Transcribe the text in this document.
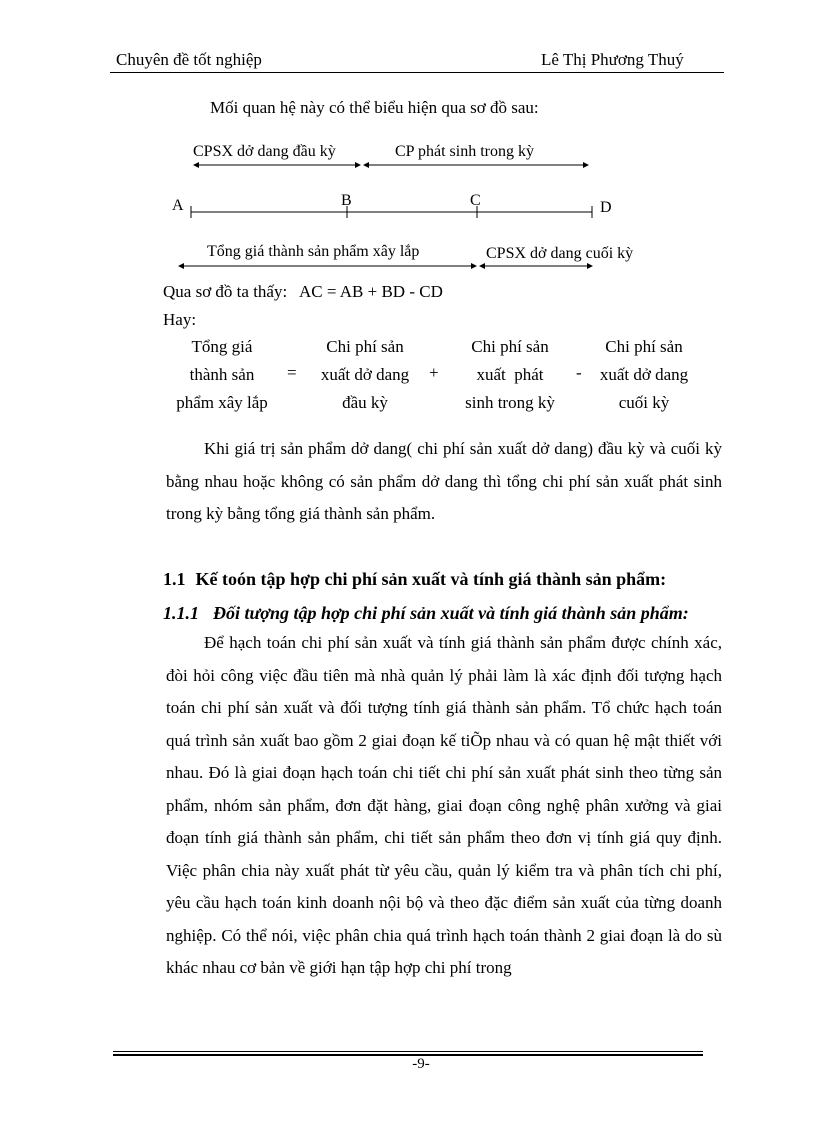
Chuyên đề tốt nghiệp	Lê Thị Phương Thuý
Mối quan hệ này có thể biểu hiện qua sơ đồ sau:
CPSX dở dang đầu kỳ	CP phát sinh trong kỳ
A	B	C	D
Tổng giá thành sản phẩm xây lắp	CPSX dở dang cuối kỳ
Qua sơ đồ ta thấy:   AC = AB + BD - CD
Hay:
Tổng giá
thành sản
phẩm xây lắp
=
Chi phí sản
xuất dở dang
đầu kỳ
+
Chi phí sản
xuất  phát
sinh trong kỳ
-
Chi phí sản
xuất dở dang
cuối kỳ
Khi giá trị sản phẩm dở dang( chi phí sản xuất dở dang) đầu kỳ và cuối kỳ bằng nhau hoặc không có sản phẩm dở dang thì tổng chi phí sản xuất phát sinh trong kỳ bằng tổng giá thành sản phẩm.
1.1 Kế toón tập hợp chi phí sản xuất và tính giá thành sản phẩm:
1.1.1 Đối tượng tập hợp chi phí sản xuất và tính giá thành sản phẩm:
Để hạch toán chi phí sản xuất và tính giá thành sản phẩm được chính xác, đòi hỏi công việc đầu tiên mà nhà quản lý phải làm là xác định đối tượng hạch toán chi phí sản xuất và đối tượng tính giá thành sản phẩm. Tổ chức hạch toán quá trình sản xuất bao gồm 2 giai đoạn kế tiÕp nhau và có quan hệ mật thiết với nhau. Đó là giai đoạn hạch toán chi tiết chi phí sản xuất phát sinh theo từng sản phẩm, nhóm sản phẩm, đơn đặt hàng, giai đoạn công nghệ phân xưởng và giai đoạn tính giá thành sản phẩm, chi tiết sản phẩm theo đơn vị tính giá quy định. Việc phân chia này xuất phát từ yêu cầu, quản lý kiểm tra và phân tích chi phí, yêu cầu hạch toán kinh doanh nội bộ và theo đặc điểm sản xuất của từng doanh nghiệp. Có thể nói, việc phân chia quá trình hạch toán thành 2 giai đoạn là do sù khác nhau cơ bản về giới hạn tập hợp chi phí trong
-9-
